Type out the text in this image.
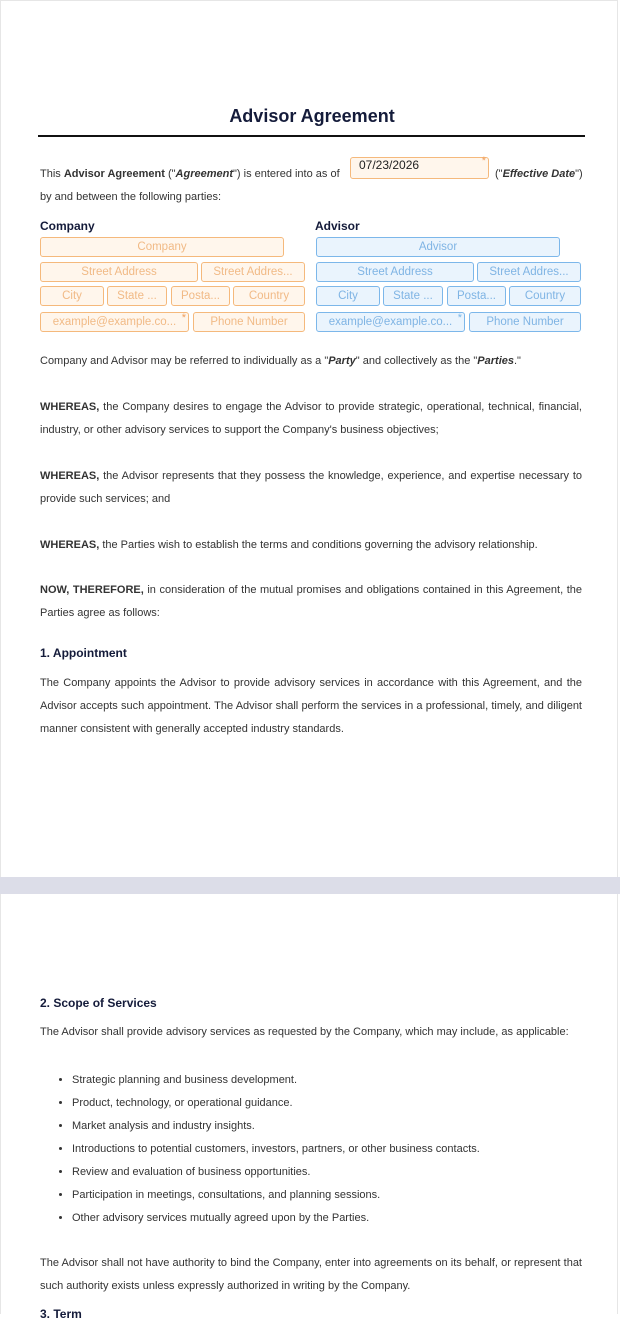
Advisor Agreement
This Advisor Agreement ("Agreement") is entered into as of
07/23/2026	*
("Effective Date")
by and between the following parties:
Company
Company
Street Address	Street Addres...
City	State ...	Posta...	Country
example@example.co... *	Phone Number
Advisor
Advisor
Street Address	Street Addres...
City	State ...	Posta...	Country
example@example.co... *	Phone Number
Company and Advisor may be referred to individually as a "Party" and collectively as the "Parties."
WHEREAS, the Company desires to engage the Advisor to provide strategic, operational, technical, financial, industry, or other advisory services to support the Company's business objectives;
WHEREAS, the Advisor represents that they possess the knowledge, experience, and expertise necessary to provide such services; and
WHEREAS, the Parties wish to establish the terms and conditions governing the advisory relationship.
NOW, THEREFORE, in consideration of the mutual promises and obligations contained in this Agreement, the Parties agree as follows:
1. Appointment
The Company appoints the Advisor to provide advisory services in accordance with this Agreement, and the Advisor accepts such appointment. The Advisor shall perform the services in a professional, timely, and diligent manner consistent with generally accepted industry standards.
2. Scope of Services
The Advisor shall provide advisory services as requested by the Company, which may include, as applicable:
• Strategic planning and business development.
• Product, technology, or operational guidance.
• Market analysis and industry insights.
• Introductions to potential customers, investors, partners, or other business contacts.
• Review and evaluation of business opportunities.
• Participation in meetings, consultations, and planning sessions.
• Other advisory services mutually agreed upon by the Parties.
The Advisor shall not have authority to bind the Company, enter into agreements on its behalf, or represent that such authority exists unless expressly authorized in writing by the Company.
3. Term
